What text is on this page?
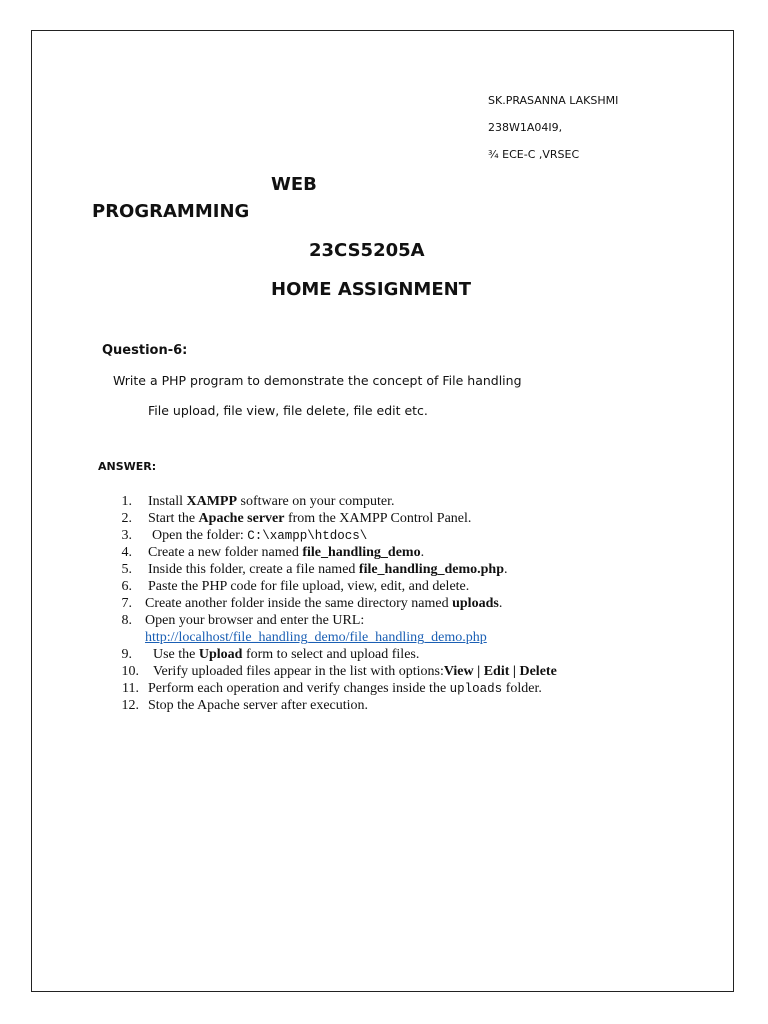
SK.PRASANNA LAKSHMI
238W1A04I9,
¾ ECE-C ,VRSEC
WEB
PROGRAMMING
23CS5205A
HOME ASSIGNMENT
Question-6:
Write a PHP program to demonstrate the concept of File handling
File upload, file view, file delete, file edit etc.
ANSWER:
1. Install XAMPP software on your computer.
2. Start the Apache server from the XAMPP Control Panel.
3. Open the folder: C:\xampp\htdocs\
4. Create a new folder named file_handling_demo.
5. Inside this folder, create a file named file_handling_demo.php.
6. Paste the PHP code for file upload, view, edit, and delete.
7. Create another folder inside the same directory named uploads.
8. Open your browser and enter the URL:
http://localhost/file_handling_demo/file_handling_demo.php
9. Use the Upload form to select and upload files.
10. Verify uploaded files appear in the list with options:View | Edit | Delete
11. Perform each operation and verify changes inside the uploads folder.
12. Stop the Apache server after execution.
